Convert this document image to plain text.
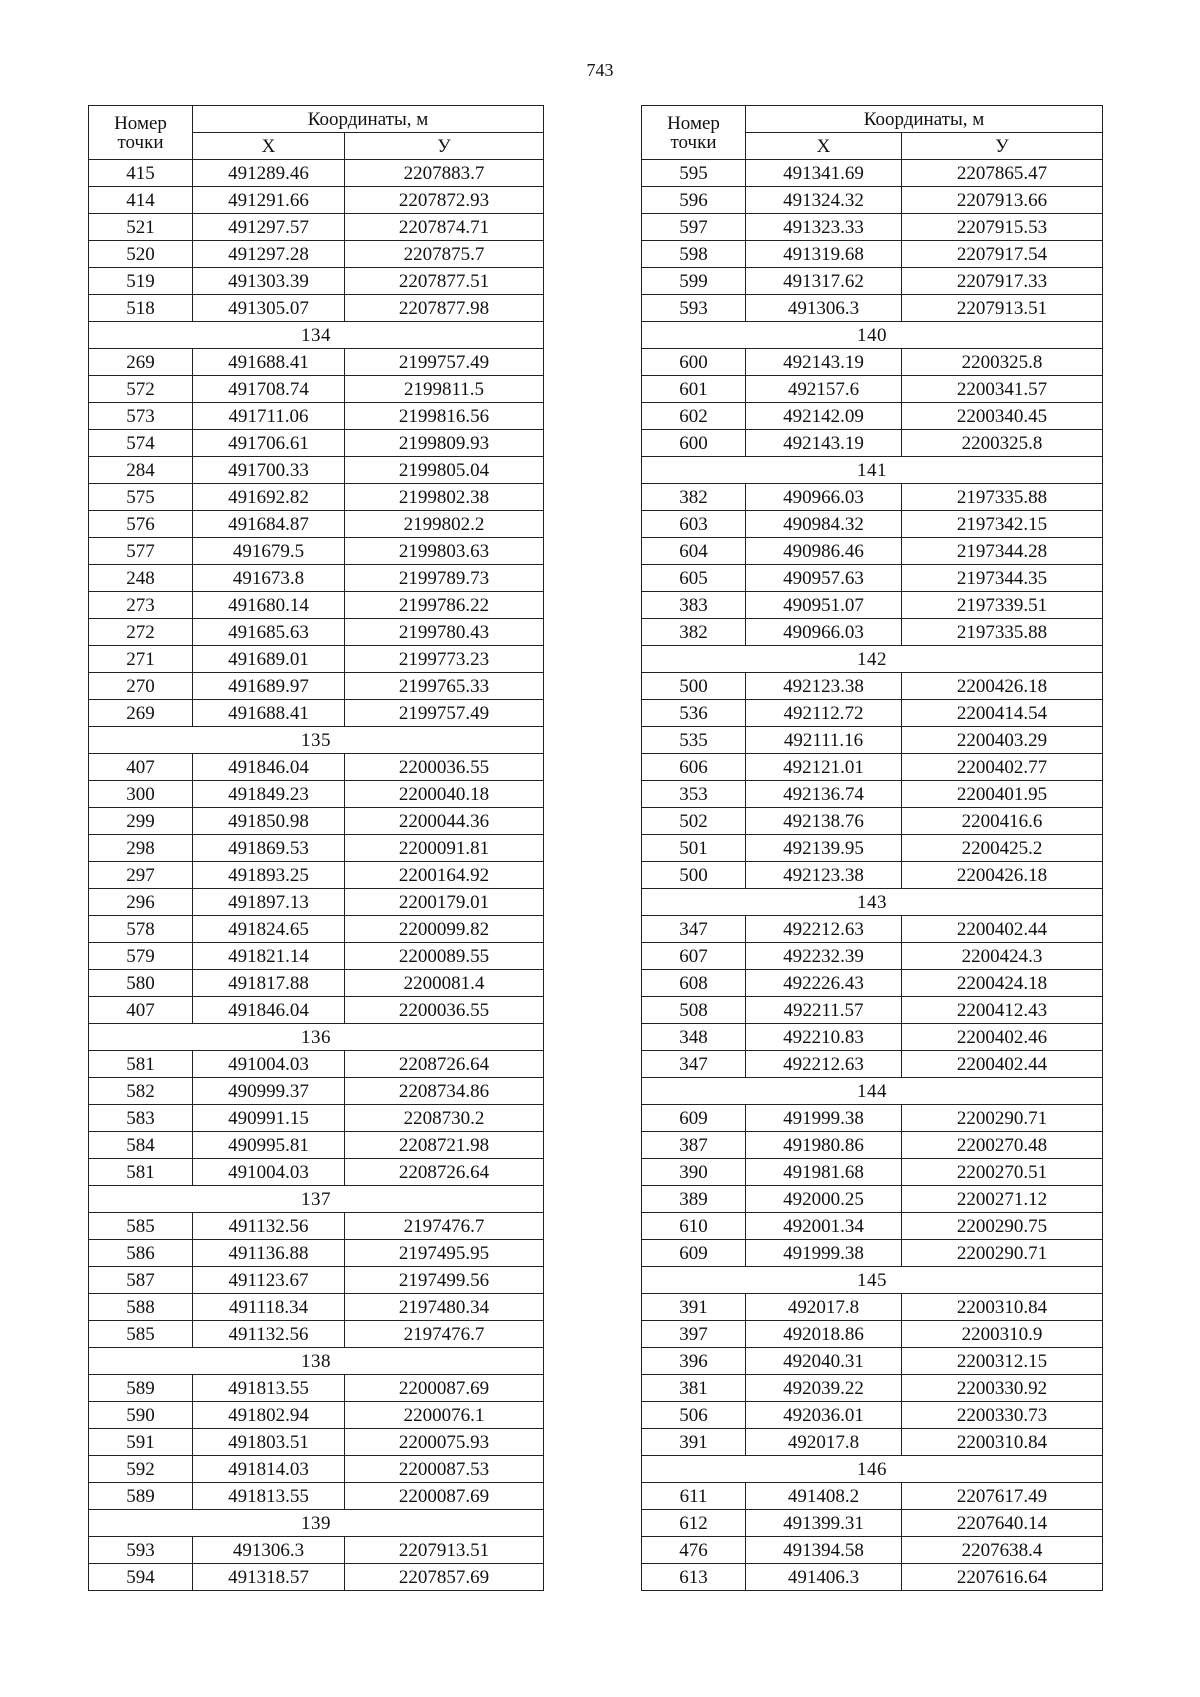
743
Номер
точки	Координаты, м	
	X	У
415	491289.46	2207883.7
414	491291.66	2207872.93
521	491297.57	2207874.71
520	491297.28	2207875.7
519	491303.39	2207877.51
518	491305.07	2207877.98
134		
269	491688.41	2199757.49
572	491708.74	2199811.5
573	491711.06	2199816.56
574	491706.61	2199809.93
284	491700.33	2199805.04
575	491692.82	2199802.38
576	491684.87	2199802.2
577	491679.5	2199803.63
248	491673.8	2199789.73
273	491680.14	2199786.22
272	491685.63	2199780.43
271	491689.01	2199773.23
270	491689.97	2199765.33
269	491688.41	2199757.49
135		
407	491846.04	2200036.55
300	491849.23	2200040.18
299	491850.98	2200044.36
298	491869.53	2200091.81
297	491893.25	2200164.92
296	491897.13	2200179.01
578	491824.65	2200099.82
579	491821.14	2200089.55
580	491817.88	2200081.4
407	491846.04	2200036.55
136		
581	491004.03	2208726.64
582	490999.37	2208734.86
583	490991.15	2208730.2
584	490995.81	2208721.98
581	491004.03	2208726.64
137		
585	491132.56	2197476.7
586	491136.88	2197495.95
587	491123.67	2197499.56
588	491118.34	2197480.34
585	491132.56	2197476.7
138		
589	491813.55	2200087.69
590	491802.94	2200076.1
591	491803.51	2200075.93
592	491814.03	2200087.53
589	491813.55	2200087.69
139		
593	491306.3	2207913.51
594	491318.57	2207857.69
Номер
точки	Координаты, м	
	X	У
595	491341.69	2207865.47
596	491324.32	2207913.66
597	491323.33	2207915.53
598	491319.68	2207917.54
599	491317.62	2207917.33
593	491306.3	2207913.51
140		
600	492143.19	2200325.8
601	492157.6	2200341.57
602	492142.09	2200340.45
600	492143.19	2200325.8
141		
382	490966.03	2197335.88
603	490984.32	2197342.15
604	490986.46	2197344.28
605	490957.63	2197344.35
383	490951.07	2197339.51
382	490966.03	2197335.88
142		
500	492123.38	2200426.18
536	492112.72	2200414.54
535	492111.16	2200403.29
606	492121.01	2200402.77
353	492136.74	2200401.95
502	492138.76	2200416.6
501	492139.95	2200425.2
500	492123.38	2200426.18
143		
347	492212.63	2200402.44
607	492232.39	2200424.3
608	492226.43	2200424.18
508	492211.57	2200412.43
348	492210.83	2200402.46
347	492212.63	2200402.44
144		
609	491999.38	2200290.71
387	491980.86	2200270.48
390	491981.68	2200270.51
389	492000.25	2200271.12
610	492001.34	2200290.75
609	491999.38	2200290.71
145		
391	492017.8	2200310.84
397	492018.86	2200310.9
396	492040.31	2200312.15
381	492039.22	2200330.92
506	492036.01	2200330.73
391	492017.8	2200310.84
146		
611	491408.2	2207617.49
612	491399.31	2207640.14
476	491394.58	2207638.4
613	491406.3	2207616.64
